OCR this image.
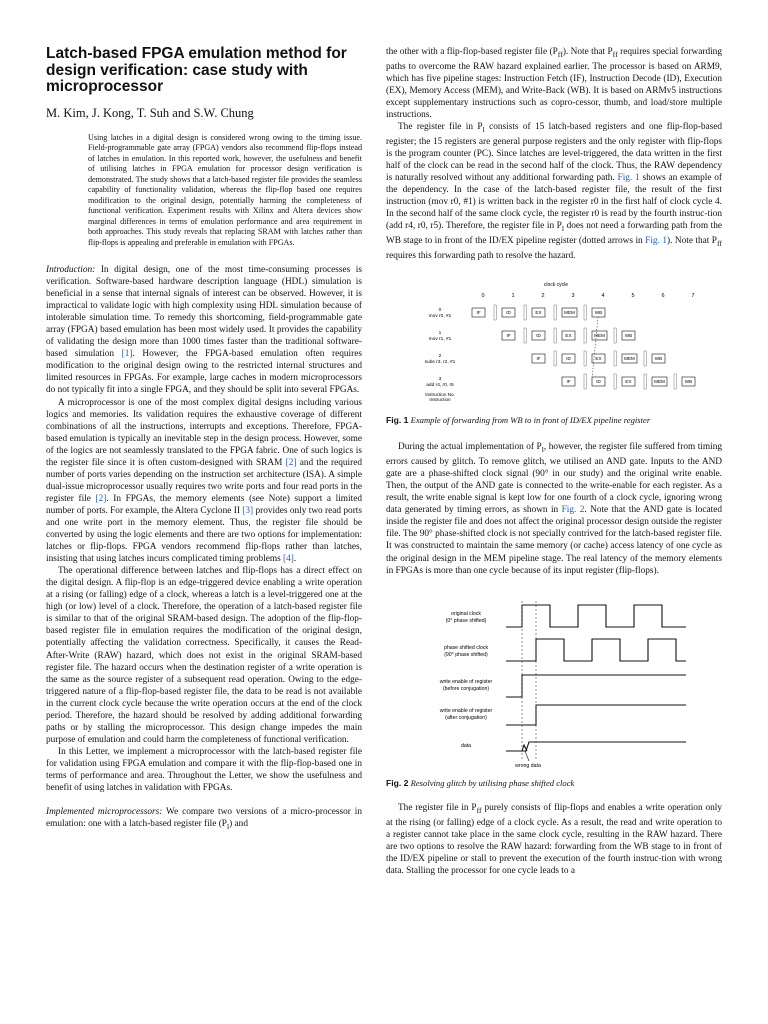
Latch-based FPGA emulation method for design verification: case study with microprocessor
M. Kim, J. Kong, T. Suh and S.W. Chung
Using latches in a digital design is considered wrong owing to the timing issue. Field-programmable gate array (FPGA) vendors also recommend flip-flops instead of latches in emulation. In this reported work, however, the usefulness and benefit of utilising latches in FPGA emulation for processor design verification is demonstrated. The study shows that a latch-based register file provides the seamless capability of functionality validation, whereas the flip-flop based one requires modification to the original design, potentially harming the completeness of functional verification. Experiment results with Xilinx and Altera devices show marginal differences in terms of emulation performance and area requirement in both approaches. This study reveals that replacing SRAM with latches rather than flip-flops is appealing and preferable in emulation with FPGAs.

Introduction: In digital design, one of the most time-consuming processes is verification. Software-based hardware description language (HDL) simulation is beneficial in a sense that internal signals of interest can be observed. However, it is impractical to validate logic with high complexity using HDL simulation because of intolerable simulation time. To remedy this shortcoming, field-programmable gate array (FPGA) based emulation has been most widely used. It provides the capability of validating the design more than 1000 times faster than the traditional software-based simulation [1]. However, the FPGA-based emulation often requires modification to the original design owing to the restricted internal structures and limited resources in FPGAs. For example, large caches in modern microprocessors do not typically fit into a single FPGA, and they should be split into several FPGAs.

A microprocessor is one of the most complex digital designs including various logics and memories. Its validation requires the exhaustive coverage of different combinations of all the instructions, interrupts and exceptions. Therefore, FPGA-based emulation is typically an inevitable step in the design process. However, some of the logics are not seamlessly translated to the FPGA fabric. One of such logics is the register file since it is often custom-designed with SRAM [2] and the required number of ports varies depending on the instruction set architecture (ISA). A simple dual-issue microprocessor usually requires two write ports and four read ports in the register file [2]. In FPGAs, the memory elements (see Note) support a limited number of ports. For example, the Altera Cyclone II [3] provides only two read ports and one write port in the memory element. Thus, the register file should be converted by using the logic elements and there are two options for implementation: latches or flip-flops. FPGA vendors recommend flip-flops rather than latches, insisting that using latches incurs complicated timing problems [4].

The operational difference between latches and flip-flops has a direct effect on the digital design. A flip-flop is an edge-triggered device enabling a write operation at a rising (or falling) edge of a clock, whereas a latch is a level-triggered one at the high (or low) level of a clock. Therefore, the operation of a latch-based register file is similar to that of the original SRAM-based design. The adoption of the flip-flop-based register file in emulation requires the modification of the original design, potentially affecting the validation correctness. Specifically, it causes the Read-After-Write (RAW) hazard, which does not exist in the original SRAM-based register file. The hazard occurs when the destination register of a write operation is the same as the source register of a subsequent read operation. Owing to the edge-triggered nature of a flip-flop-based register file, the data to be read is not available in the current clock cycle because the write operation occurs at the end of the clock period. Therefore, the hazard should be resolved by adding additional forwarding paths or by stalling the microprocessor. This design change impedes the main purpose of emulation and could harm the completeness of functional verification.

In this Letter, we implement a microprocessor with the latch-based register file for validation using FPGA emulation and compare it with the flip-flop-based one in terms of performance and area. Throughout the Letter, we show the usefulness and benefit of using latches in validation with FPGAs.

Implemented microprocessors: We compare two versions of a micro-processor in emulation: one with a latch-based register file $(P_l)$ and

the other with a flip-flop-based register file $(P_{ff})$. Note that $P_{ff}$ requires special forwarding paths to overcome the RAW hazard explained earlier. The processor is based on ARM9, which has five pipeline stages: Instruction Fetch (IF), Instruction Decode (ID), Execution (EX), Memory Access (MEM), and Write-Back (WB). It is based on ARMv5 instructions except supplementary instructions such as copro-cessor, thumb, and load/store multiple instructions.

The register file in $P_l$ consists of 15 latch-based registers and one flip-flop-based register; the 15 registers are general purpose registers and the only register with flip-flops is the program counter (PC). Since latches are level-triggered, the data written in the first half of the clock can be read in the second half of the clock. Thus, the RAW dependency is naturally resolved without any additional forwarding path. Fig. 1 shows an example of the dependency. In the case of the latch-based register file, the result of the first instruction (mov r0, #1) is written back in the register r0 in the first half of clock cycle 4. In the second half of the same clock cycle, the register r0 is read by the fourth instruc-tion (add r4, r0, r5). Therefore, the register file in $P_l$ does not need a forwarding path from the WB stage to in front of the ID/EX pipeline register (dotted arrows in Fig. 1). Note that $P_{ff}$ requires this forwarding path to resolve the hazard.

clock cycle
0	1	2	3	4	5	6	7
0
mov r0, #1
IF	ID	EX	MEM	WB
1
mov r1, #1
IF	ID	EX	MEM	WB
2
subs r3, r2, #1
IF	ID	EX	MEM	WB
3
add r4, r0, r5
IF	ID	EX	MEM	WB
Instruction No.
Instruction
Fig. 1 Example of forwarding from WB to in front of ID/EX pipeline register

During the actual implementation of $P_l$, however, the register file suffered from timing errors caused by glitch. To remove glitch, we utilised an AND gate. Inputs to the AND gate are a phase-shifted clock signal (90° in our study) and the original write enable. Then, the output of the AND gate is connected to the write-enable for each register. As a result, the write enable signal is kept low for one fourth of a clock cycle, ignoring wrong data generated by timing errors, as shown in Fig. 2. Note that the AND gate is located inside the register file and does not affect the original processor design outside the register file. The 90° phase-shifted clock is not specially contrived for the latch-based register file. It was constructed to maintain the same memory (or cache) access latency of one cycle as the original design in the MEM pipeline stage. The real latency of the memory elements in FPGAs is more than one cycle because of its input register (flip-flops).

original clock
(0° phase shifted)
phase shifted clock
(90° phase shifted)
write enable of register
(before conjugation)
write enable of register
(after conjugation)
data
wrong data
Fig. 2 Resolving glitch by utilising phase shifted clock

The register file in $P_{ff}$ purely consists of flip-flops and enables a write operation only at the rising (or falling) edge of a clock cycle. As a result, the read and write operation to a register cannot take place in the same clock cycle, resulting in the RAW hazard. There are two options to resolve the RAW hazard: forwarding from the WB stage to in front of the ID/EX pipeline or stall to prevent the execution of the fourth instruc-tion with wrong data. Stalling the processor for one cycle leads to a
